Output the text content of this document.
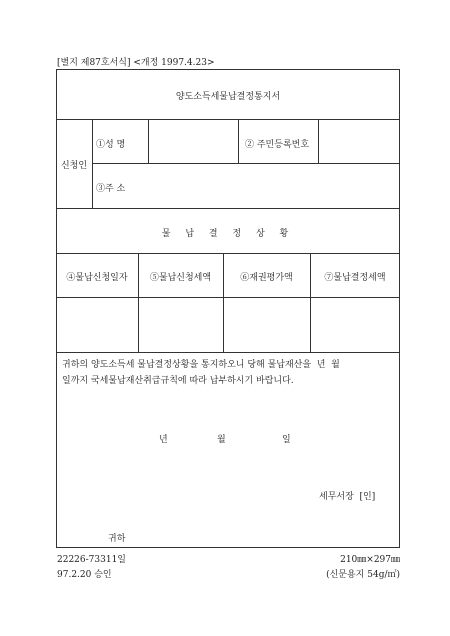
[별지 제87호서식] <개정 1997.4.23>
양도소득세물납결정통지서
신청인
①성 명	② 주민등록번호
③주 소
물 납 결 정 상 황
④물납신청일자	⑤물납신청세액	⑥재권평가액	⑦물납결정세액
귀하의 양도소득세 물납결정상황을 통지하오니 당해 물납재산을  년  월
일까지 국세물납재산취급규칙에 따라 납부하시기 바랍니다.
년	월	일
세무서장  [인]
귀하
22226-73311일
97.2.20 승인
210㎜×297㎜
(신문용지 54g/㎡)
